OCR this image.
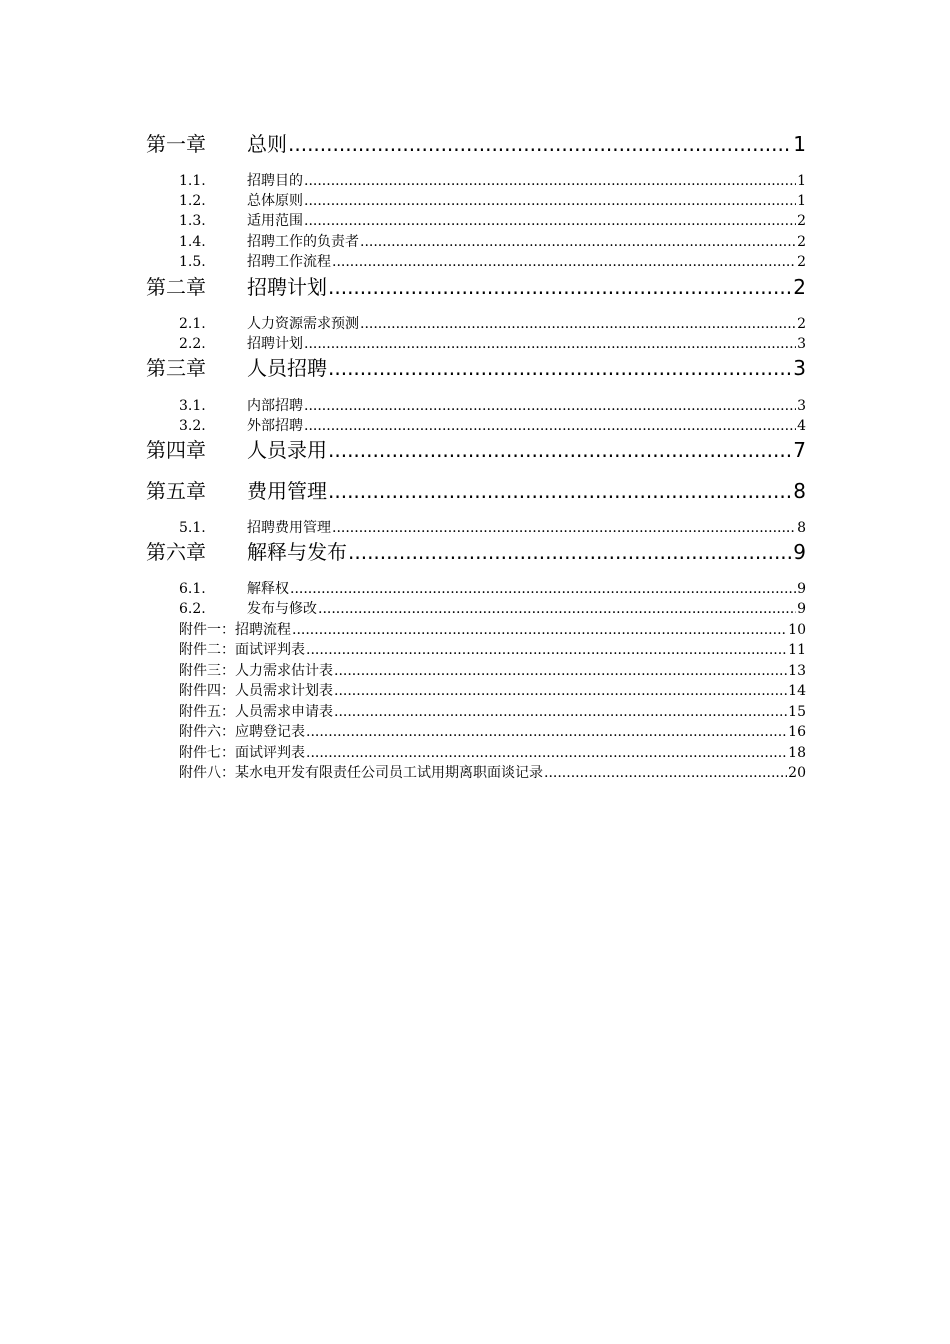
第一章	总则 .....	1
1.1.	招聘目的 .....	1
1.2.	总体原则 .....	1
1.3.	适用范围 .....	2
1.4.	招聘工作的负责者 .....	2
1.5.	招聘工作流程 .....	2
第二章	招聘计划 .....	2
2.1.	人力资源需求预测 .....	2
2.2.	招聘计划 .....	3
第三章	人员招聘 .....	3
3.1.	内部招聘 .....	3
3.2.	外部招聘 .....	4
第四章	人员录用 .....	7
第五章	费用管理 .....	8
5.1.	招聘费用管理 .....	8
第六章	解释与发布 .....	9
6.1.	解释权 .....	9
6.2.	发布与修改 .....	9
附件一：招聘流程 .....	10
附件二：面试评判表 .....	11
附件三：人力需求估计表 .....	13
附件四：人员需求计划表 .....	14
附件五：人员需求申请表 .....	15
附件六：应聘登记表 .....	16
附件七：面试评判表 .....	18
附件八：某水电开发有限责任公司员工试用期离职面谈记录 .....	20
